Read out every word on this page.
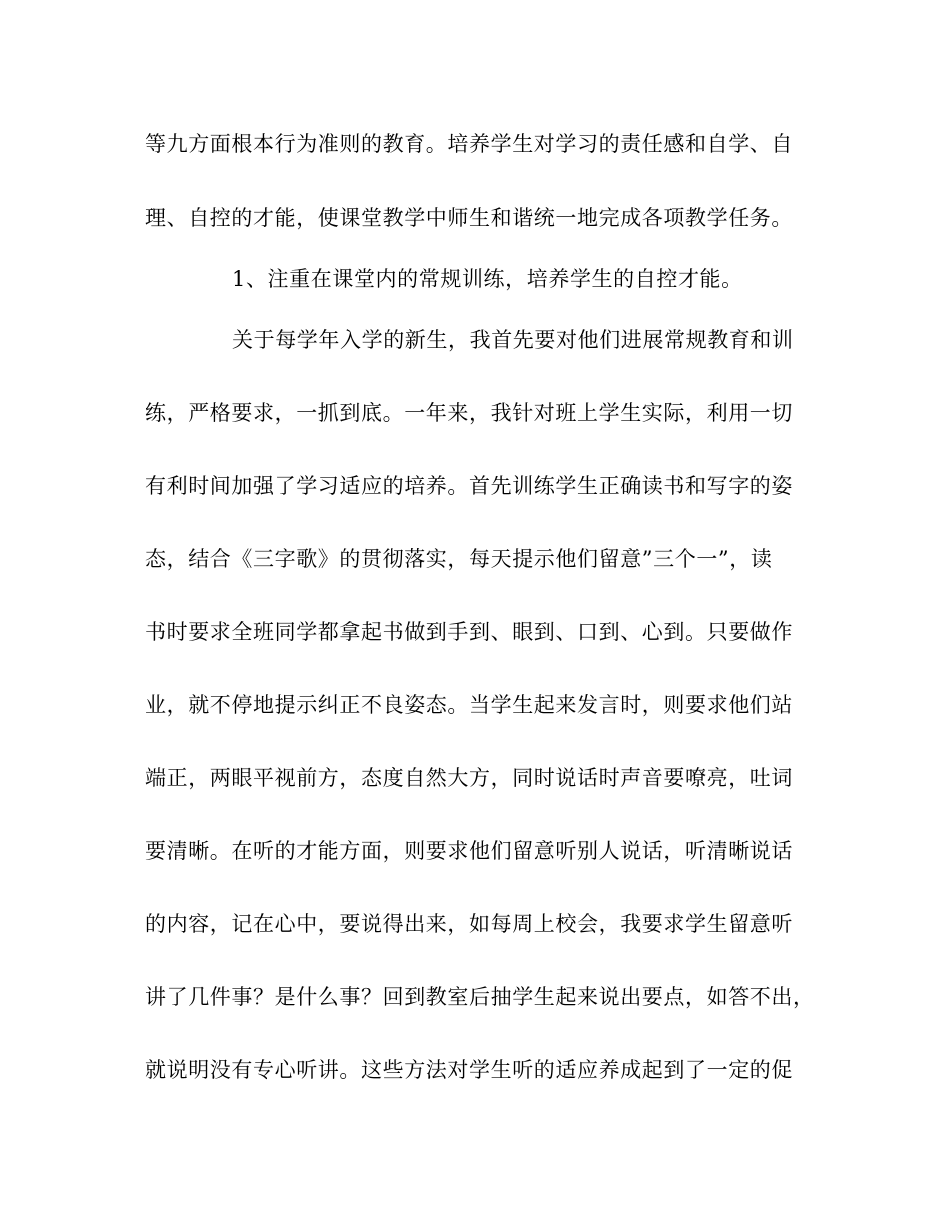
等九方面根本行为准则的教育。培养学生对学习的责任感和自学、自
理、自控的才能，使课堂教学中师生和谐统一地完成各项教学任务。
1、注重在课堂内的常规训练，培养学生的自控才能。
关于每学年入学的新生，我首先要对他们进展常规教育和训
练，严格要求，一抓到底。一年来，我针对班上学生实际，利用一切
有利时间加强了学习适应的培养。首先训练学生正确读书和写字的姿
态，结合《三字歌》的贯彻落实，每天提示他们留意”三个一”，读
书时要求全班同学都拿起书做到手到、眼到、口到、心到。只要做作
业，就不停地提示纠正不良姿态。当学生起来发言时，则要求他们站
端正，两眼平视前方，态度自然大方，同时说话时声音要嘹亮，吐词
要清晰。在听的才能方面，则要求他们留意听别人说话，听清晰说话
的内容，记在心中，要说得出来，如每周上校会，我要求学生留意听
讲了几件事？是什么事？回到教室后抽学生起来说出要点，如答不出，
就说明没有专心听讲。这些方法对学生听的适应养成起到了一定的促
